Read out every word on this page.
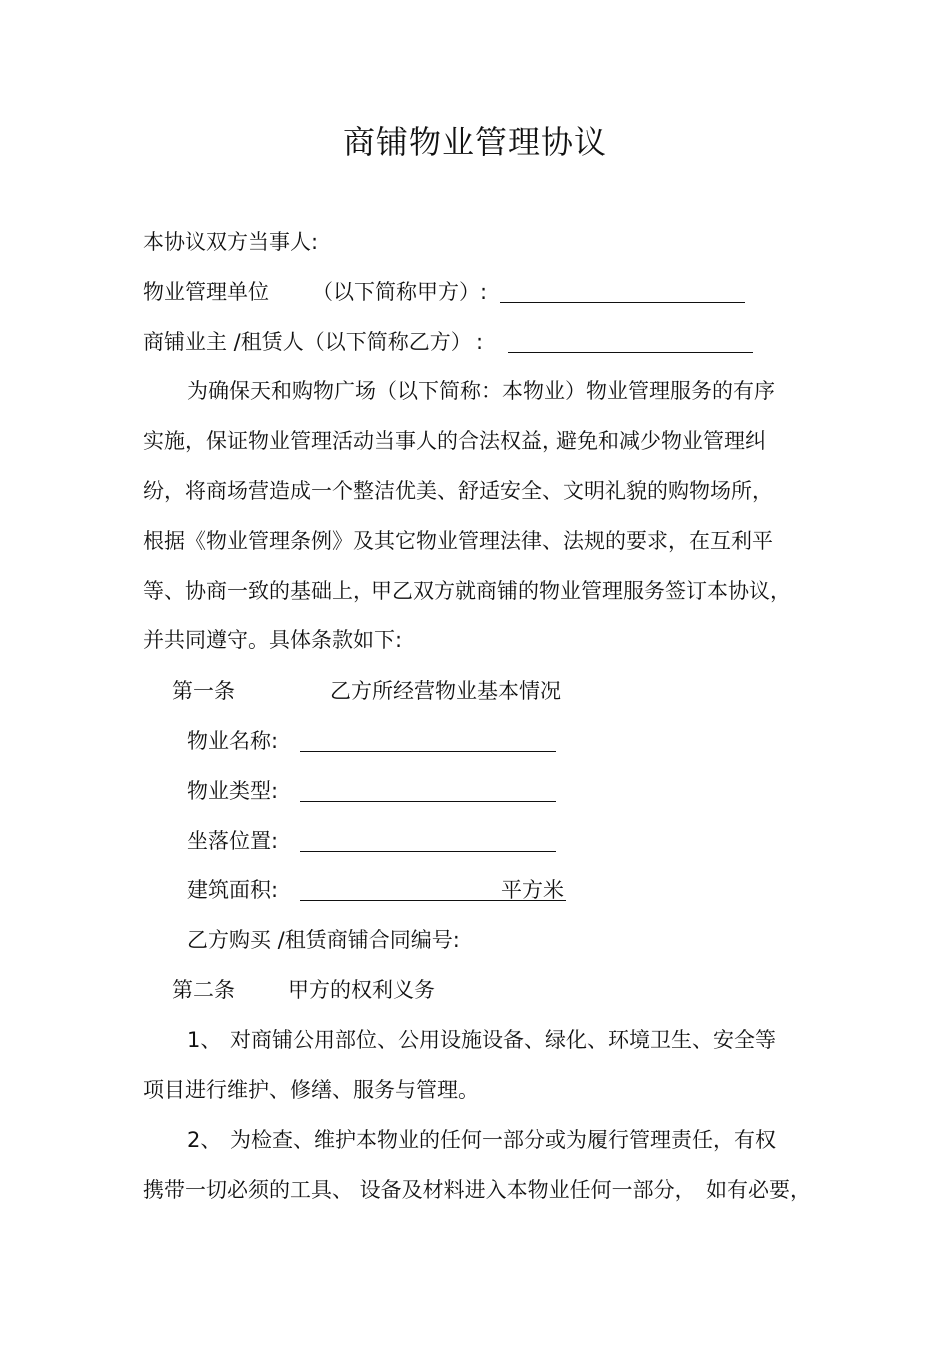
商铺物业管理协议
本协议双方当事人:
物业管理单位 （以下简称甲方）:
商铺业主 /租赁人（以下简称乙方） :
为确保天和购物广场（以下简称：本物业）物业管理服务的有序
实施，保证物业管理活动当事人的合法权益，
避免和减少物业管理纠
纷，将商场营造成一个整洁优美、舒适安全、文明礼貌的购物场所，
根据《物业管理条例》及其它物业管理法律、法规的要求，在互利平
等、协商一致的基础上，
甲乙双方就商铺的物业管理服务签订本协议，
并共同遵守。具体条款如下:
第一条	乙方所经营物业基本情况
物业名称:
物业类型:
坐落位置:
建筑面积:	平方米
乙方购买 /租赁商铺合同编号:
第二条	甲方的权利义务
1、 对商铺公用部位、公用设施设备、绿化、环境卫生、安全等
项目进行维护、修缮、服务与管理。
2、 为检查、维护本物业的任何一部分或为履行管理责任，有权
携带一切必须的工具、 设备及材料进入本物业任何一部分， 如有必要，
